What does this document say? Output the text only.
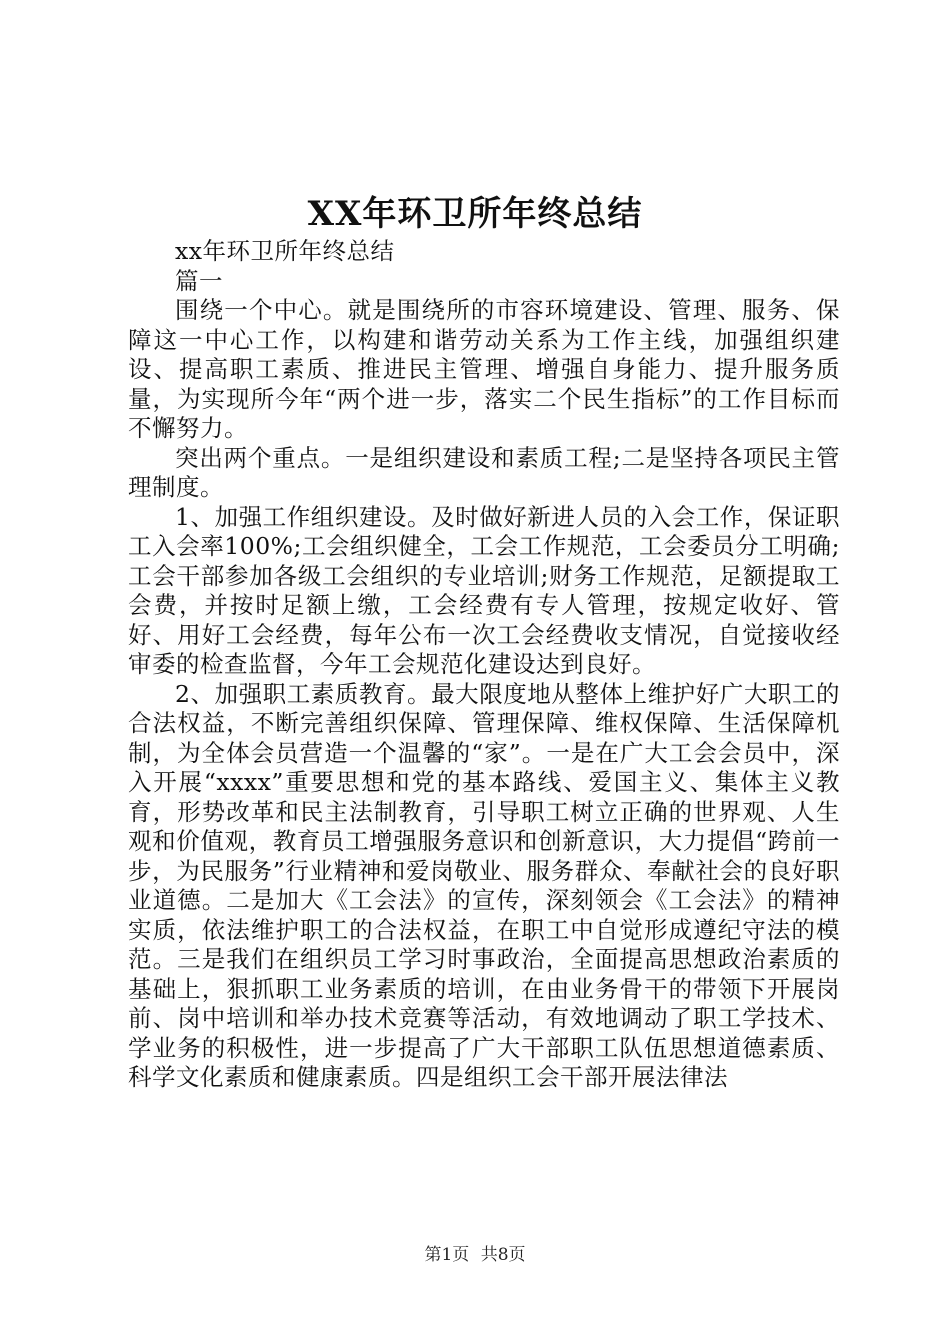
XX年环卫所年终总结

xx年环卫所年终总结

篇一

围绕一个中心。就是围绕所的市容环境建设、管理、服务、保障这一中心工作，以构建和谐劳动关系为工作主线，加强组织建设、提高职工素质、推进民主管理、增强自身能力、提升服务质量，为实现所今年“两个进一步，落实二个民生指标”的工作目标而不懈努力。

突出两个重点。一是组织建设和素质工程;二是坚持各项民主管理制度。

1、加强工作组织建设。及时做好新进人员的入会工作，保证职工入会率100%;工会组织健全，工会工作规范，工会委员分工明确;工会干部参加各级工会组织的专业培训;财务工作规范，足额提取工会费，并按时足额上缴，工会经费有专人管理，按规定收好、管好、用好工会经费，每年公布一次工会经费收支情况，自觉接收经审委的检查监督，今年工会规范化建设达到良好。

2、加强职工素质教育。最大限度地从整体上维护好广大职工的合法权益，不断完善组织保障、管理保障、维权保障、生活保障机制，为全体会员营造一个温馨的“家”。一是在广大工会会员中，深入开展“xxxx”重要思想和党的基本路线、爱国主义、集体主义教育，形势改革和民主法制教育，引导职工树立正确的世界观、人生观和价值观，教育员工增强服务意识和创新意识，大力提倡“跨前一步，为民服务”行业精神和爱岗敬业、服务群众、奉献社会的良好职业道德。二是加大《工会法》的宣传，深刻领会《工会法》的精神实质，依法维护职工的合法权益，在职工中自觉形成遵纪守法的模范。三是我们在组织员工学习时事政治，全面提高思想政治素质的基础上，狠抓职工业务素质的培训，在由业务骨干的带领下开展岗前、岗中培训和举办技术竞赛等活动，有效地调动了职工学技术、学业务的积极性，进一步提高了广大干部职工队伍思想道德素质、科学文化素质和健康素质。四是组织工会干部开展法律法

第1页 共8页
